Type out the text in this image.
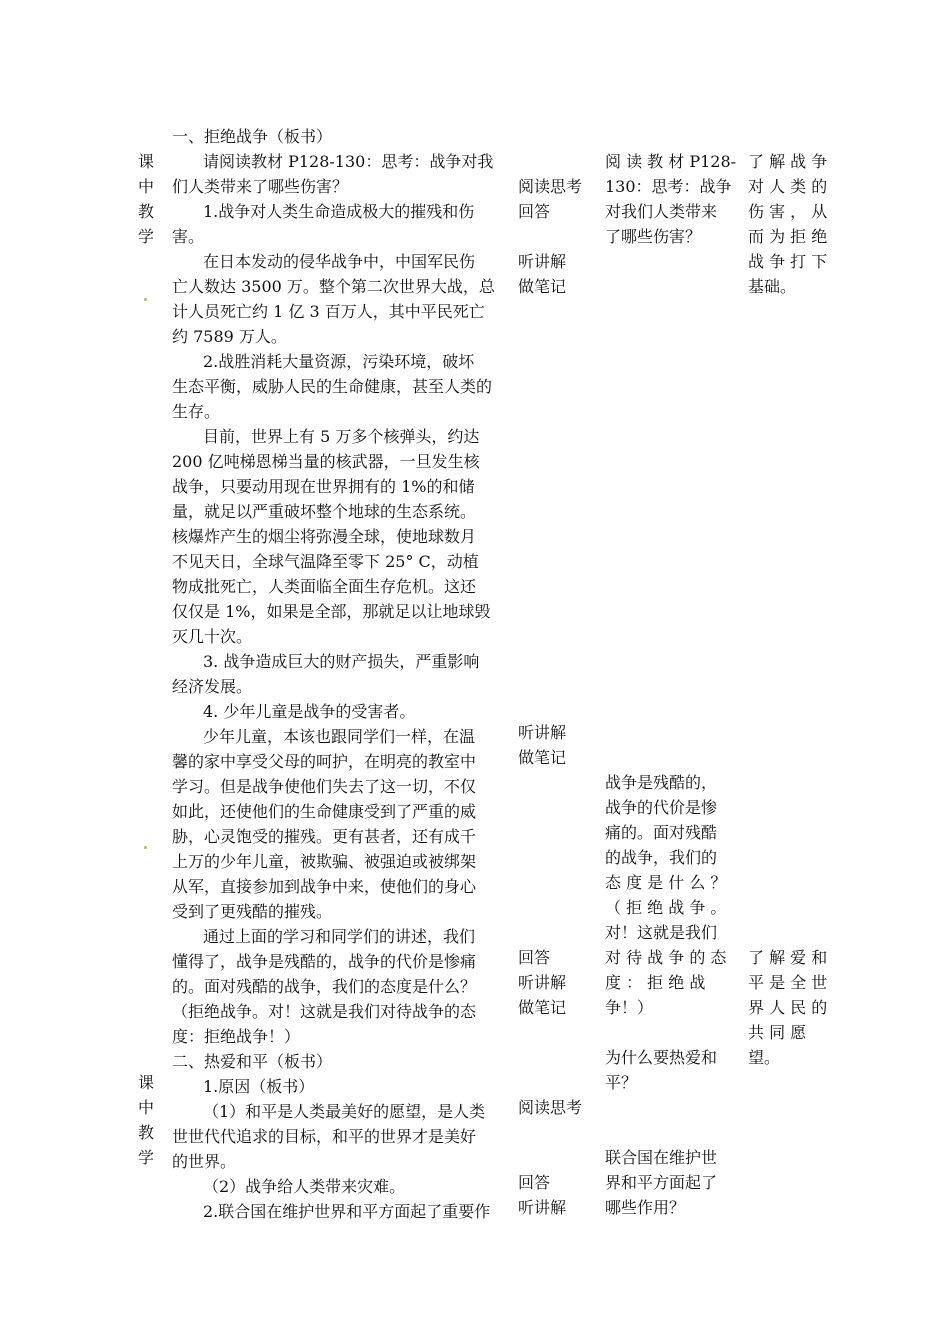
一、拒绝战争（板书）
课
中
教
学
课
中
教
学
请阅读教材 P128-130：思考：战争对我
们人类带来了哪些伤害？
1.战争对人类生命造成极大的摧残和伤
害。
在日本发动的侵华战争中，中国军民伤
亡人数达 3500 万。整个第二次世界大战，总
计人员死亡约 1 亿 3 百万人，其中平民死亡
约 7589 万人。
2.战胜消耗大量资源，污染环境，破坏
生态平衡，威胁人民的生命健康，甚至人类的
生存。
目前，世界上有 5 万多个核弹头，约达
200 亿吨梯恩梯当量的核武器，一旦发生核
战争，只要动用现在世界拥有的 1%的和储
量，就足以严重破坏整个地球的生态系统。
核爆炸产生的烟尘将弥漫全球，使地球数月
不见天日，全球气温降至零下 25° C，动植
物成批死亡，人类面临全面生存危机。这还
仅仅是 1%，如果是全部，那就足以让地球毁
灭几十次。
3. 战争造成巨大的财产损失，严重影响
经济发展。
4. 少年儿童是战争的受害者。
少年儿童，本该也跟同学们一样，在温
馨的家中享受父母的呵护，在明亮的教室中
学习。但是战争使他们失去了这一切，不仅
如此，还使他们的生命健康受到了严重的威
胁，心灵饱受的摧残。更有甚者，还有成千
上万的少年儿童，被欺骗、被强迫或被绑架
从军，直接参加到战争中来，使他们的身心
受到了更残酷的摧残。
通过上面的学习和同学们的讲述，我们
懂得了，战争是残酷的，战争的代价是惨痛
的。面对残酷的战争，我们的态度是什么？
（拒绝战争。对！这就是我们对待战争的态
度：拒绝战争！）
二、热爱和平（板书）
1.原因（板书）
（1）和平是人类最美好的愿望，是人类
世世代代追求的目标，和平的世界才是美好
的世界。
（2）战争给人类带来灾难。
2.联合国在维护世界和平方面起了重要作
阅读思考
回答
听讲解
做笔记
听讲解
做笔记
回答
听讲解
做笔记
阅读思考
回答
听讲解
阅 读 教 材 P128-
130：思考：战争
对我们人类带来
了哪些伤害？
战争是残酷的，
战争的代价是惨
痛的。面对残酷
的战争，我们的
态 度 是 什 么 ？
（ 拒 绝 战 争 。
对！这就是我们
对 待 战 争 的 态
度 ： 拒 绝 战
争！）
为什么要热爱和
平？
联合国在维护世
界和平方面起了
哪些作用？
了 解 战 争
对 人 类 的
伤 害 ， 从
而 为 拒 绝
战 争 打 下
基础。
了 解 爱 和
平 是 全 世
界 人 民 的
共 同 愿
望。
